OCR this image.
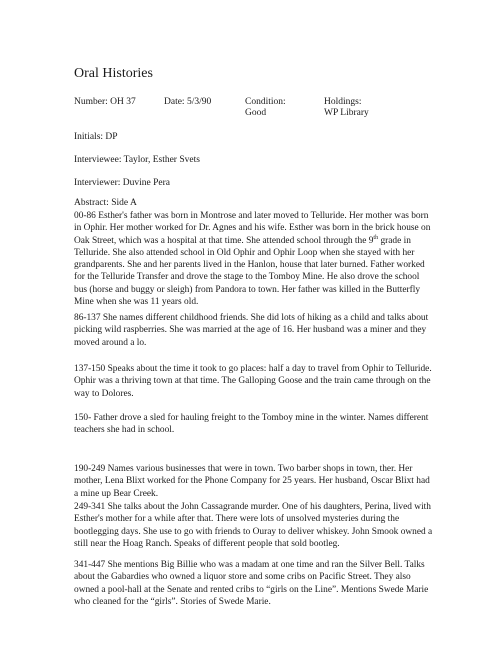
Oral Histories
Number: OH 37	Date: 5/3/90	Condition:
Good
Holdings:
WP Library
Initials: DP
Interviewee: Taylor, Esther Svets
Interviewer: Duvine Pera
Abstract: Side A

00-86 Esther's father was born in Montrose and later moved to Telluride. Her mother was born in Ophir. Her mother worked for Dr. Agnes and his wife. Esther was born in the brick house on Oak Street, which was a hospital at that time. She attended school through the 9th grade in Telluride. She also attended school in Old Ophir and Ophir Loop when she stayed with her grandparents. She and her parents lived in the Hanlon, house that later burned. Father worked for the Telluride Transfer and drove the stage to the Tomboy Mine. He also drove the school bus (horse and buggy or sleigh) from Pandora to town. Her father was killed in the Butterfly Mine when she was 11 years old.

86-137 She names different childhood friends. She did lots of hiking as a child and talks about picking wild raspberries. She was married at the age of 16. Her husband was a miner and they moved around a lo.

137-150 Speaks about the time it took to go places: half a day to travel from Ophir to Telluride. Ophir was a thriving town at that time. The Galloping Goose and the train came through on the way to Dolores.

150- Father drove a sled for hauling freight to the Tomboy mine in the winter. Names different teachers she had in school.

190-249 Names various businesses that were in town. Two barber shops in town, ther. Her mother, Lena Blixt worked for the Phone Company for 25 years. Her husband, Oscar Blixt had a mine up Bear Creek.

249-341 She talks about the John Cassagrande murder. One of his daughters, Perina, lived with Esther's mother for a while after that. There were lots of unsolved mysteries during the bootlegging days. She use to go with friends to Ouray to deliver whiskey. John Smook owned a still near the Hoag Ranch. Speaks of different people that sold bootleg.

341-447 She mentions Big Billie who was a madam at one time and ran the Silver Bell. Talks about the Gabardies who owned a liquor store and some cribs on Pacific Street. They also owned a pool-hall at the Senate and rented cribs to “girls on the Line”. Mentions Swede Marie who cleaned for the “girls”. Stories of Swede Marie.
